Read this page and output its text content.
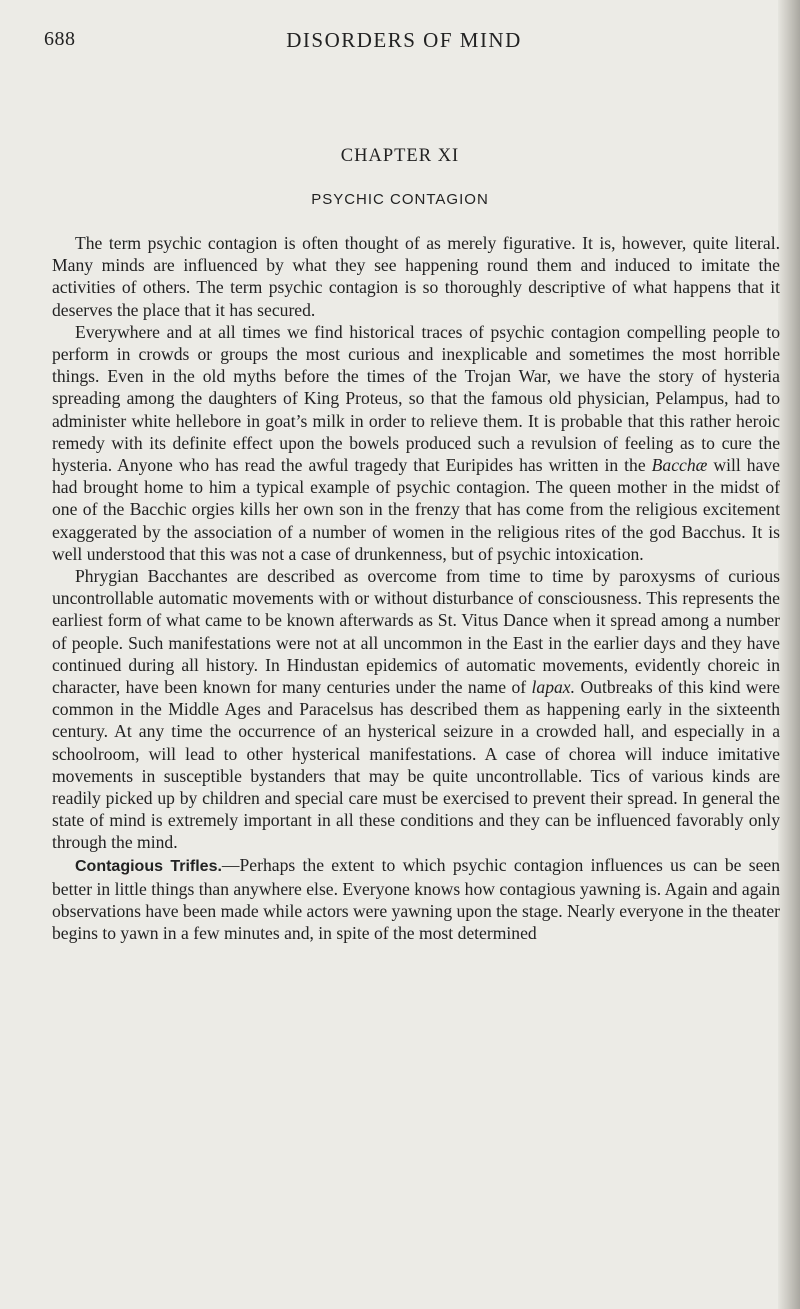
688	DISORDERS OF MIND
CHAPTER XI
PSYCHIC CONTAGION

The term psychic contagion is often thought of as merely figurative. It is, however, quite literal. Many minds are influenced by what they see happening round them and induced to imitate the activities of others. The term psychic contagion is so thoroughly descriptive of what happens that it deserves the place that it has secured.

Everywhere and at all times we find historical traces of psychic contagion compelling people to perform in crowds or groups the most curious and inexplicable and sometimes the most horrible things. Even in the old myths before the times of the Trojan War, we have the story of hysteria spreading among the daughters of King Proteus, so that the famous old physician, Pelampus, had to administer white hellebore in goat’s milk in order to relieve them. It is probable that this rather heroic remedy with its definite effect upon the bowels produced such a revulsion of feeling as to cure the hysteria. Anyone who has read the awful tragedy that Euripides has written in the Bacchæ will have had brought home to him a typical example of psychic contagion. The queen mother in the midst of one of the Bacchic orgies kills her own son in the frenzy that has come from the religious excitement exaggerated by the association of a number of women in the religious rites of the god Bacchus. It is well understood that this was not a case of drunkenness, but of psychic intoxication.

Phrygian Bacchantes are described as overcome from time to time by paroxysms of curious uncontrollable automatic movements with or without disturbance of consciousness. This represents the earliest form of what came to be known afterwards as St. Vitus Dance when it spread among a number of people. Such manifestations were not at all uncommon in the East in the earlier days and they have continued during all history. In Hindustan epidemics of automatic movements, evidently choreic in character, have been known for many centuries under the name of lapax. Outbreaks of this kind were common in the Middle Ages and Paracelsus has described them as happening early in the sixteenth century. At any time the occurrence of an hysterical seizure in a crowded hall, and especially in a schoolroom, will lead to other hysterical manifestations. A case of chorea will induce imitative movements in susceptible bystanders that may be quite uncontrollable. Tics of various kinds are readily picked up by children and special care must be exercised to prevent their spread. In general the state of mind is extremely important in all these conditions and they can be influenced favorably only through the mind.

Contagious Trifles.—Perhaps the extent to which psychic contagion influences us can be seen better in little things than anywhere else. Everyone knows how contagious yawning is. Again and again observations have been made while actors were yawning upon the stage. Nearly everyone in the theater begins to yawn in a few minutes and, in spite of the most determined
